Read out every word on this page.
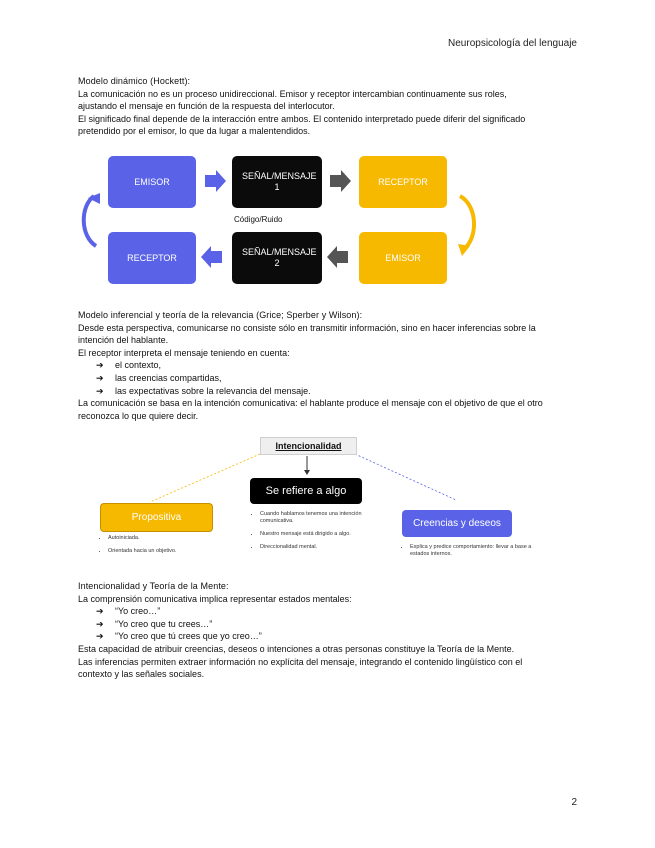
Neuropsicología del lenguaje

Modelo dinámico (Hockett):

La comunicación no es un proceso unidireccional. Emisor y receptor intercambian continuamente sus roles,

ajustando el mensaje en función de la respuesta del interlocutor.

El significado final depende de la interacción entre ambos. El contenido interpretado puede diferir del significado

pretendido por el emisor, lo que da lugar a malentendidos.

EMISOR
SEÑAL/MENSAJE 1
RECEPTOR
RECEPTOR
SEÑAL/MENSAJE 2
EMISOR
Código/Ruido

Modelo inferencial y teoría de la relevancia (Grice; Sperber y Wilson):

Desde esta perspectiva, comunicarse no consiste sólo en transmitir información, sino en hacer inferencias sobre la

intención del hablante.

El receptor interpreta el mensaje teniendo en cuenta:

➔ el contexto,
➔ las creencias compartidas,
➔ las expectativas sobre la relevancia del mensaje.

La comunicación se basa en la intención comunicativa: el hablante produce el mensaje con el objetivo de que el otro

reconozca lo que quiere decir.

Intencionalidad
Se refiere a algo
Propositiva
Creencias y deseos
• Autoiniciada.
• Orientada hacia un objetivo.
• Cuando hablamos tenemos una intención comunicativa.
• Nuestro mensaje está dirigido a algo.
• Direccionalidad mental.
•	Explica y predice comportamiento: llevar a base a estados internos.

Intencionalidad y Teoría de la Mente:

La comprensión comunicativa implica representar estados mentales:

➔ “Yo creo…”
➔ “Yo creo que tu crees…”
➔ “Yo creo que tú crees que yo creo…”

Esta capacidad de atribuir creencias, deseos o intenciones a otras personas constituye la Teoría de la Mente.

Las inferencias permiten extraer información no explícita del mensaje, integrando el contenido lingüístico con el

contexto y las señales sociales.

2
